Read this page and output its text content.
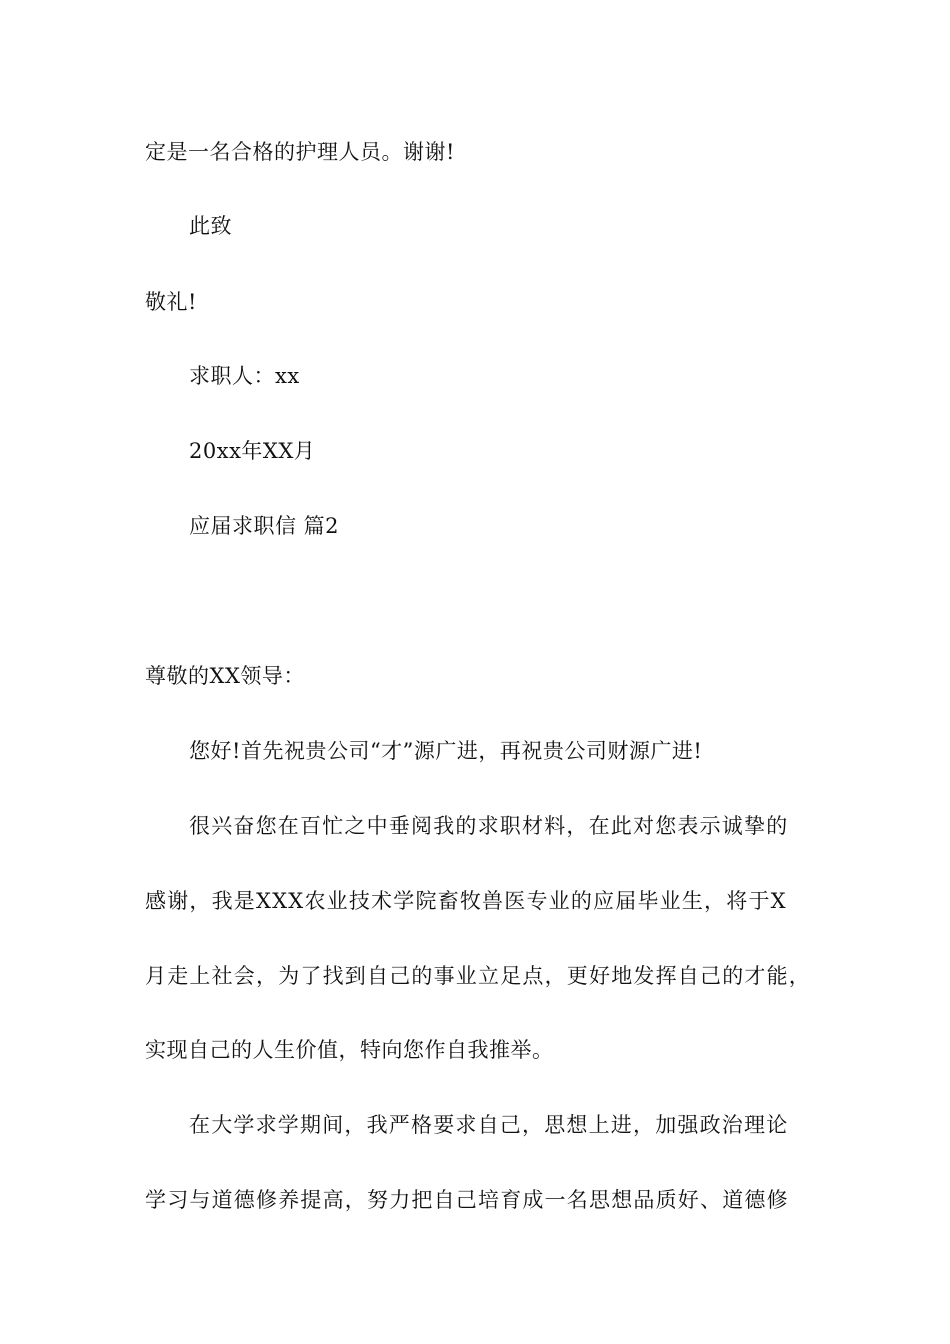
定是一名合格的护理人员。谢谢!
此致
敬礼!
求职人：xx
20xx年XX月
应届求职信 篇2
尊敬的XX领导：
您好!首先祝贵公司“才”源广进，再祝贵公司财源广进!
很兴奋您在百忙之中垂阅我的求职材料，在此对您表示诚挚的
感谢，我是XXX农业技术学院畜牧兽医专业的应届毕业生，将于X
月走上社会，为了找到自己的事业立足点，更好地发挥自己的才能，
实现自己的人生价值，特向您作自我推举。
在大学求学期间，我严格要求自己，思想上进，加强政治理论
学习与道德修养提高，努力把自己培育成一名思想品质好、道德修
